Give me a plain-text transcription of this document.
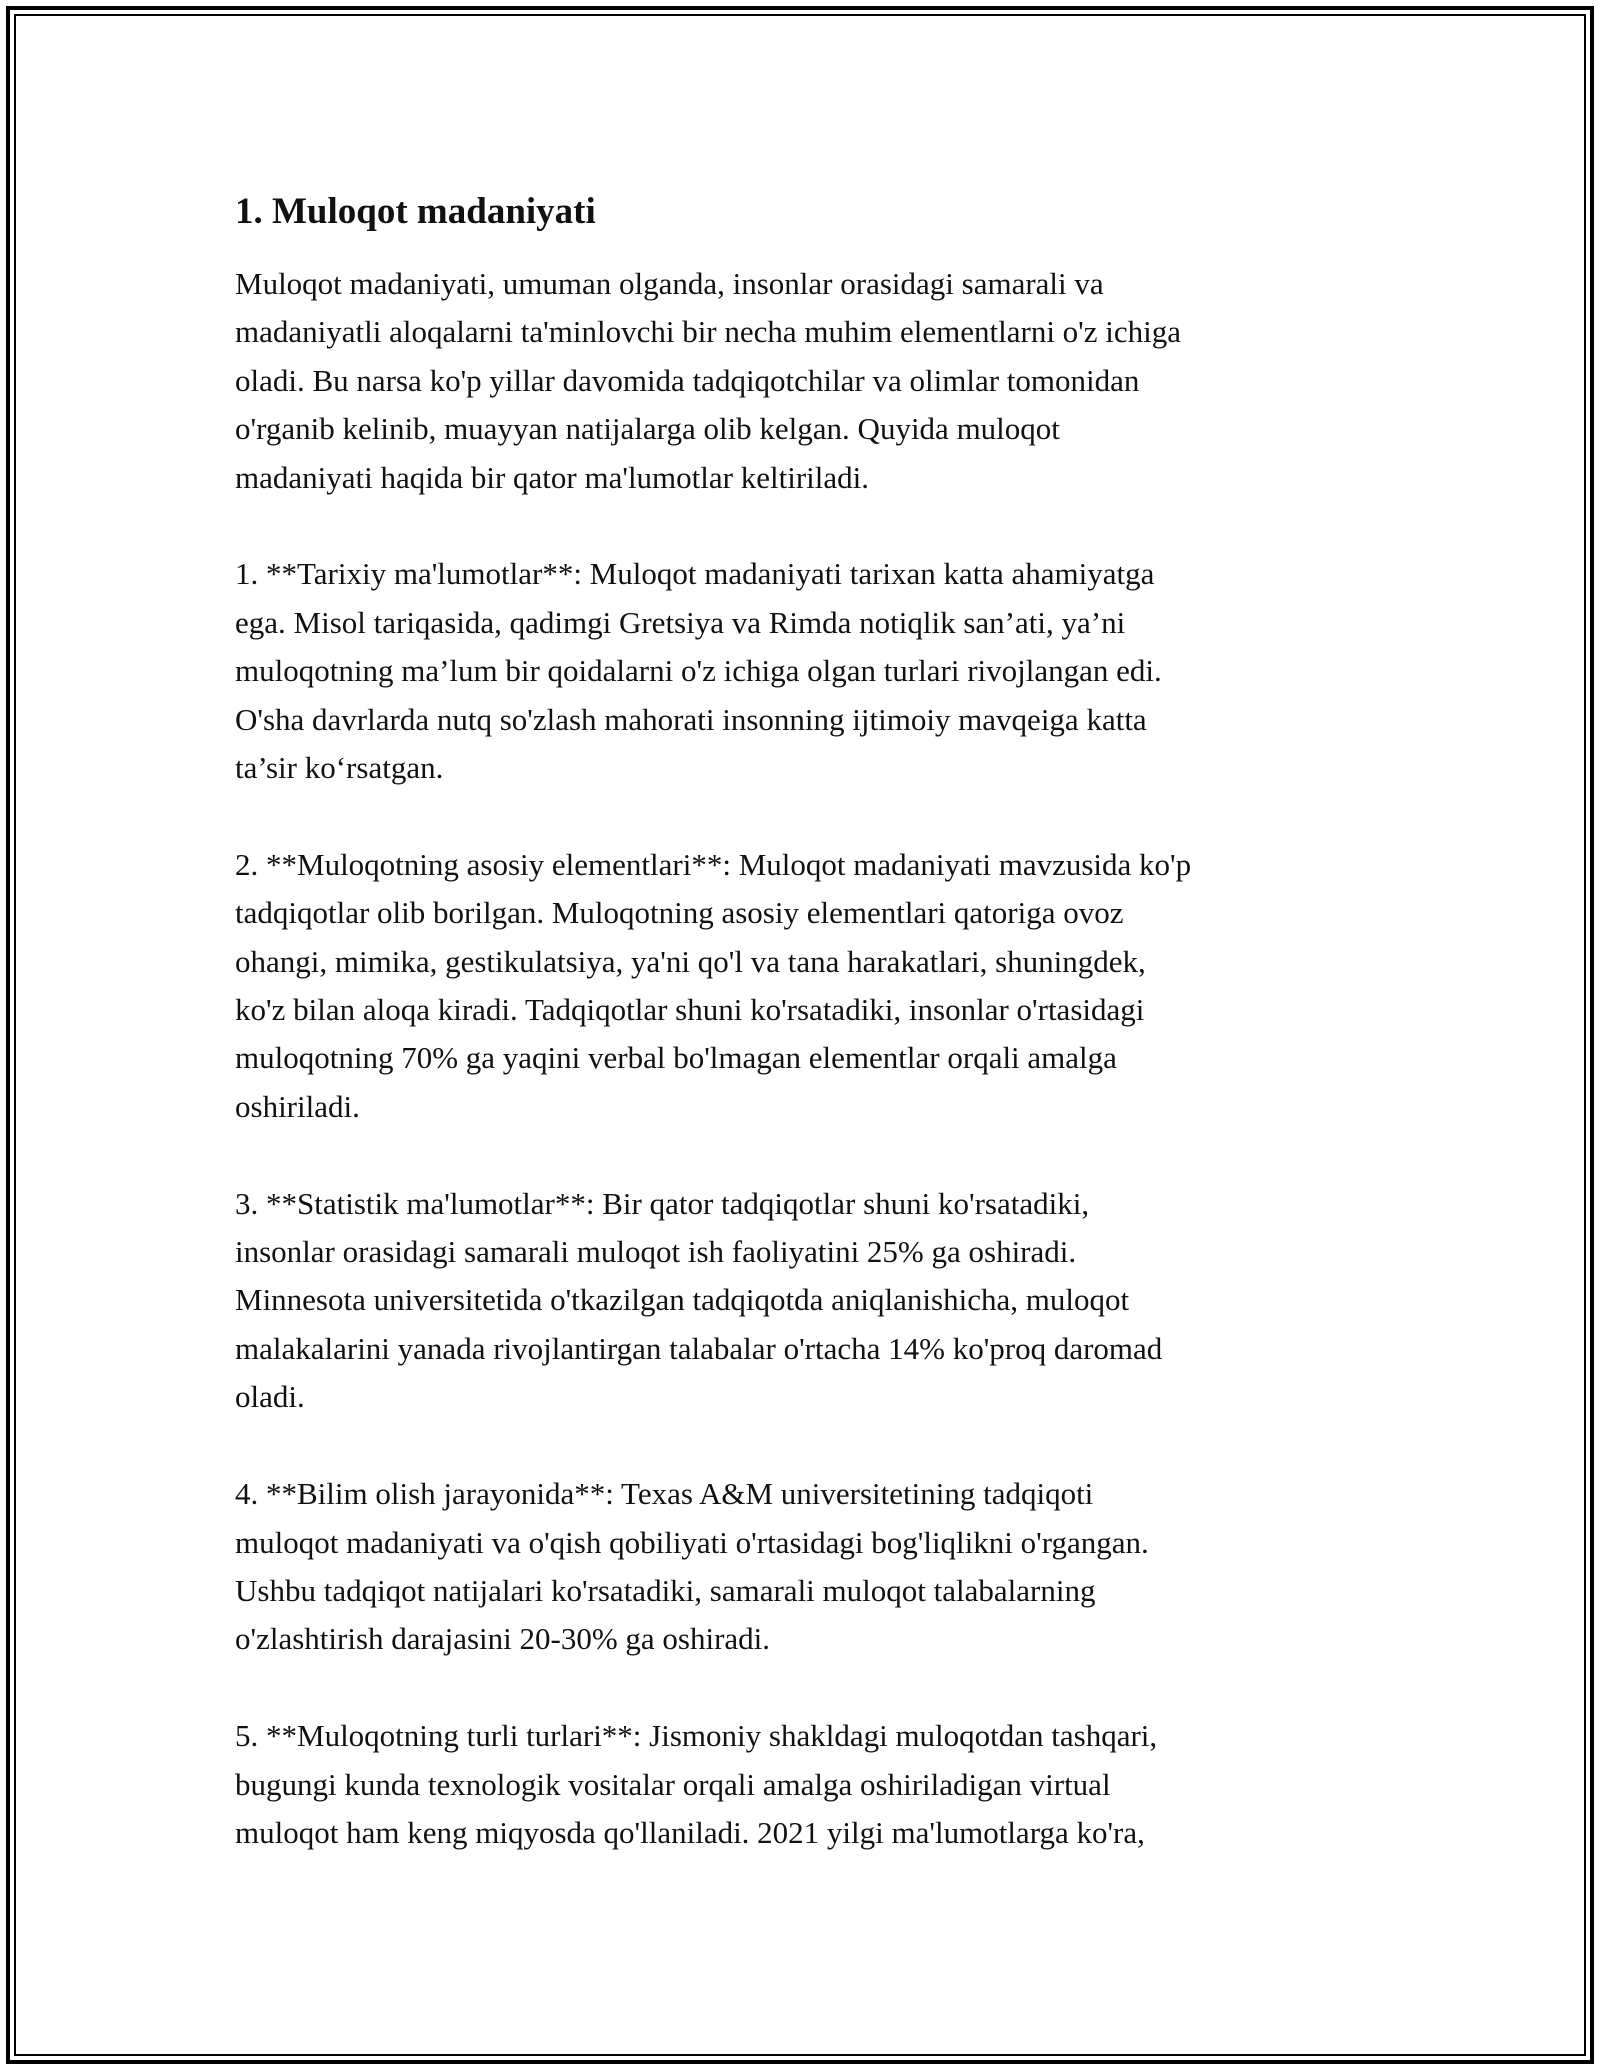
1. Muloqot madaniyati

Muloqot madaniyati, umuman olganda, insonlar orasidagi samarali va
madaniyatli aloqalarni ta'minlovchi bir necha muhim elementlarni o'z ichiga
oladi. Bu narsa ko'p yillar davomida tadqiqotchilar va olimlar tomonidan
o'rganib kelinib, muayyan natijalarga olib kelgan. Quyida muloqot
madaniyati haqida bir qator ma'lumotlar keltiriladi.

1. **Tarixiy ma'lumotlar**: Muloqot madaniyati tarixan katta ahamiyatga
ega. Misol tariqasida, qadimgi Gretsiya va Rimda notiqlik san’ati, ya’ni
muloqotning ma’lum bir qoidalarni o'z ichiga olgan turlari rivojlangan edi.
O'sha davrlarda nutq so'zlash mahorati insonning ijtimoiy mavqeiga katta
ta’sir ko‘rsatgan.

2. **Muloqotning asosiy elementlari**: Muloqot madaniyati mavzusida ko'p
tadqiqotlar olib borilgan. Muloqotning asosiy elementlari qatoriga ovoz
ohangi, mimika, gestikulatsiya, ya'ni qo'l va tana harakatlari, shuningdek,
ko'z bilan aloqa kiradi. Tadqiqotlar shuni ko'rsatadiki, insonlar o'rtasidagi
muloqotning 70% ga yaqini verbal bo'lmagan elementlar orqali amalga
oshiriladi.

3. **Statistik ma'lumotlar**: Bir qator tadqiqotlar shuni ko'rsatadiki,
insonlar orasidagi samarali muloqot ish faoliyatini 25% ga oshiradi.
Minnesota universitetida o'tkazilgan tadqiqotda aniqlanishicha, muloqot
malakalarini yanada rivojlantirgan talabalar o'rtacha 14% ko'proq daromad
oladi.

4. **Bilim olish jarayonida**: Texas A&M universitetining tadqiqoti
muloqot madaniyati va o'qish qobiliyati o'rtasidagi bog'liqlikni o'rgangan.
Ushbu tadqiqot natijalari ko'rsatadiki, samarali muloqot talabalarning
o'zlashtirish darajasini 20-30% ga oshiradi.

5. **Muloqotning turli turlari**: Jismoniy shakldagi muloqotdan tashqari,
bugungi kunda texnologik vositalar orqali amalga oshiriladigan virtual
muloqot ham keng miqyosda qo'llaniladi. 2021 yilgi ma'lumotlarga ko'ra,
